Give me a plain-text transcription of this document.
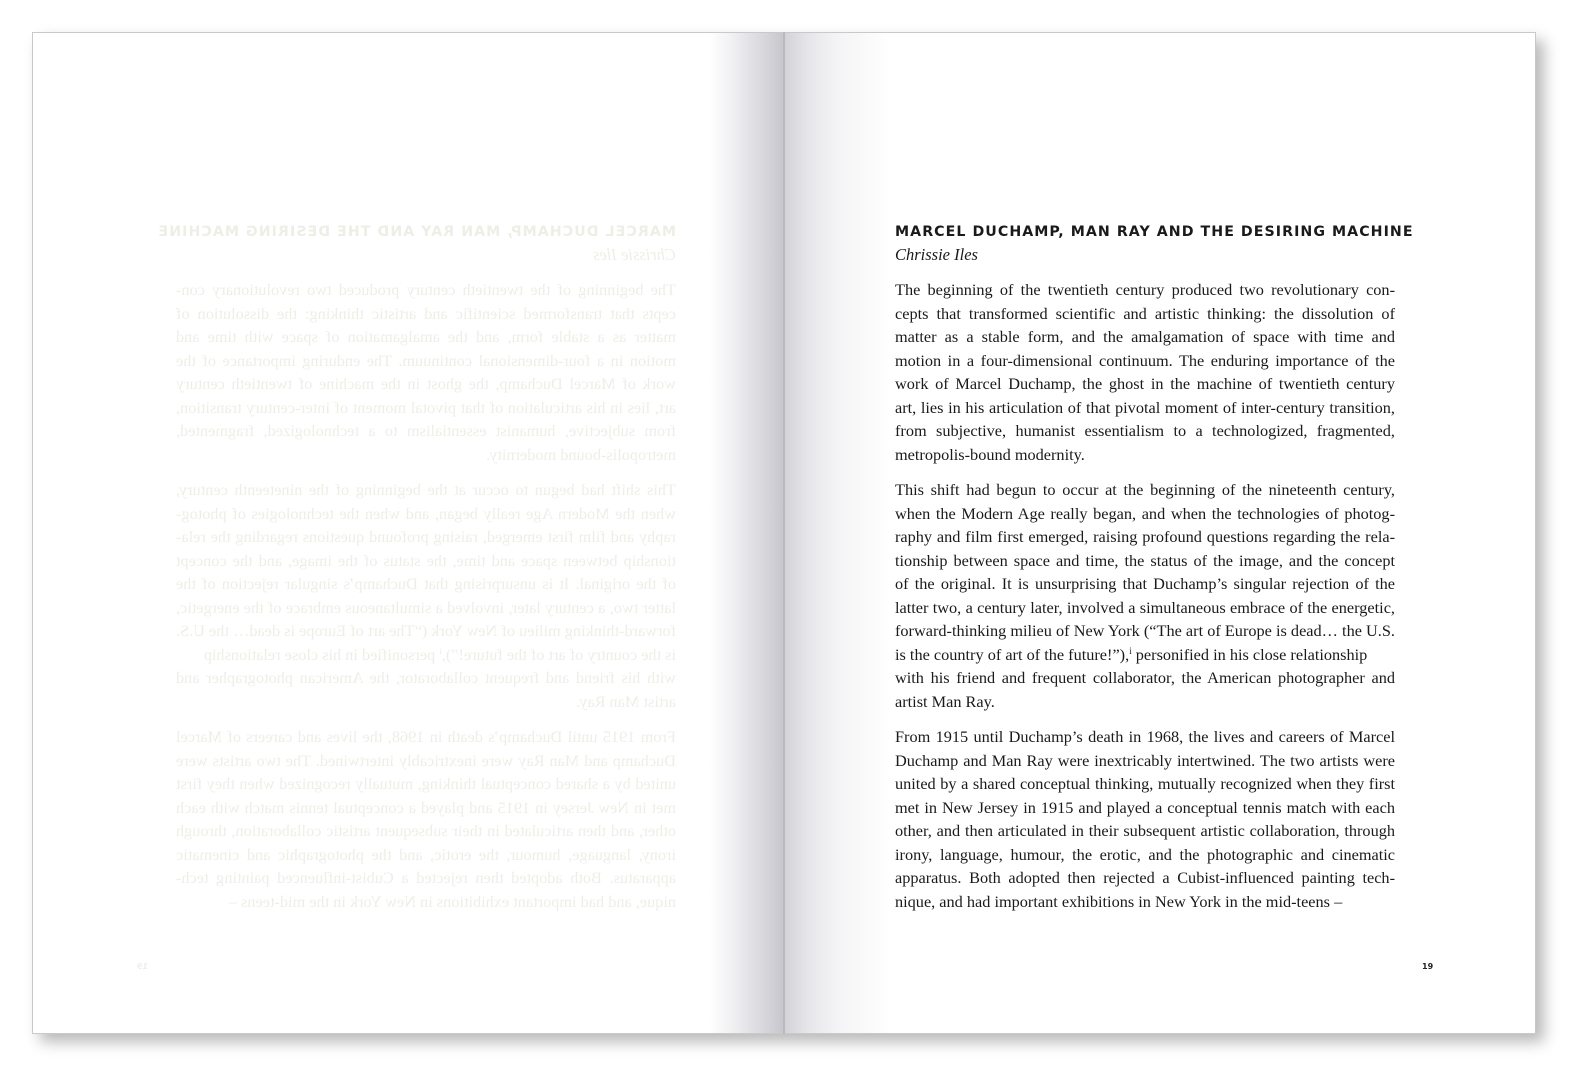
MARCEL DUCHAMP, MAN RAY AND THE DESIRING MACHINE

Chrissie Iles

The beginning of the twentieth century produced two revolutionary con-
cepts that transformed scientific and artistic thinking: the dissolution of
matter as a stable form, and the amalgamation of space with time and
motion in a four-dimensional continuum. The enduring importance of the
work of Marcel Duchamp, the ghost in the machine of twentieth century
art, lies in his articulation of that pivotal moment of inter-century transition,
from subjective, humanist essentialism to a technologized, fragmented,
metropolis-bound modernity.
This shift had begun to occur at the beginning of the nineteenth century,
when the Modern Age really began, and when the technologies of photog-
raphy and film first emerged, raising profound questions regarding the rela-
tionship between space and time, the status of the image, and the concept
of the original. It is unsurprising that Duchamp’s singular rejection of the
latter two, a century later, involved a simultaneous embrace of the energetic,
forward-thinking milieu of New York (“The art of Europe is dead… the U.S.
is the country of art of the future!”),$^i$ personified in his close relationship
with his friend and frequent collaborator, the American photographer and
artist Man Ray.
From 1915 until Duchamp’s death in 1968, the lives and careers of Marcel
Duchamp and Man Ray were inextricably intertwined. The two artists were
united by a shared conceptual thinking, mutually recognized when they first
met in New Jersey in 1915 and played a conceptual tennis match with each
other, and then articulated in their subsequent artistic collaboration, through
irony, language, humour, the erotic, and the photographic and cinematic
apparatus. Both adopted then rejected a Cubist-influenced painting tech-
nique, and had important exhibitions in New York in the mid-teens –
19

MARCEL DUCHAMP, MAN RAY AND THE DESIRING MACHINE

Chrissie Iles

The beginning of the twentieth century produced two revolutionary con-
cepts that transformed scientific and artistic thinking: the dissolution of
matter as a stable form, and the amalgamation of space with time and
motion in a four-dimensional continuum. The enduring importance of the
work of Marcel Duchamp, the ghost in the machine of twentieth century
art, lies in his articulation of that pivotal moment of inter-century transition,
from subjective, humanist essentialism to a technologized, fragmented,
metropolis-bound modernity.
This shift had begun to occur at the beginning of the nineteenth century,
when the Modern Age really began, and when the technologies of photog-
raphy and film first emerged, raising profound questions regarding the rela-
tionship between space and time, the status of the image, and the concept
of the original. It is unsurprising that Duchamp’s singular rejection of the
latter two, a century later, involved a simultaneous embrace of the energetic,
forward-thinking milieu of New York (“The art of Europe is dead… the U.S.
is the country of art of the future!”),$^i$ personified in his close relationship
with his friend and frequent collaborator, the American photographer and
artist Man Ray.
From 1915 until Duchamp’s death in 1968, the lives and careers of Marcel
Duchamp and Man Ray were inextricably intertwined. The two artists were
united by a shared conceptual thinking, mutually recognized when they first
met in New Jersey in 1915 and played a conceptual tennis match with each
other, and then articulated in their subsequent artistic collaboration, through
irony, language, humour, the erotic, and the photographic and cinematic
apparatus. Both adopted then rejected a Cubist-influenced painting tech-
nique, and had important exhibitions in New York in the mid-teens –
19
